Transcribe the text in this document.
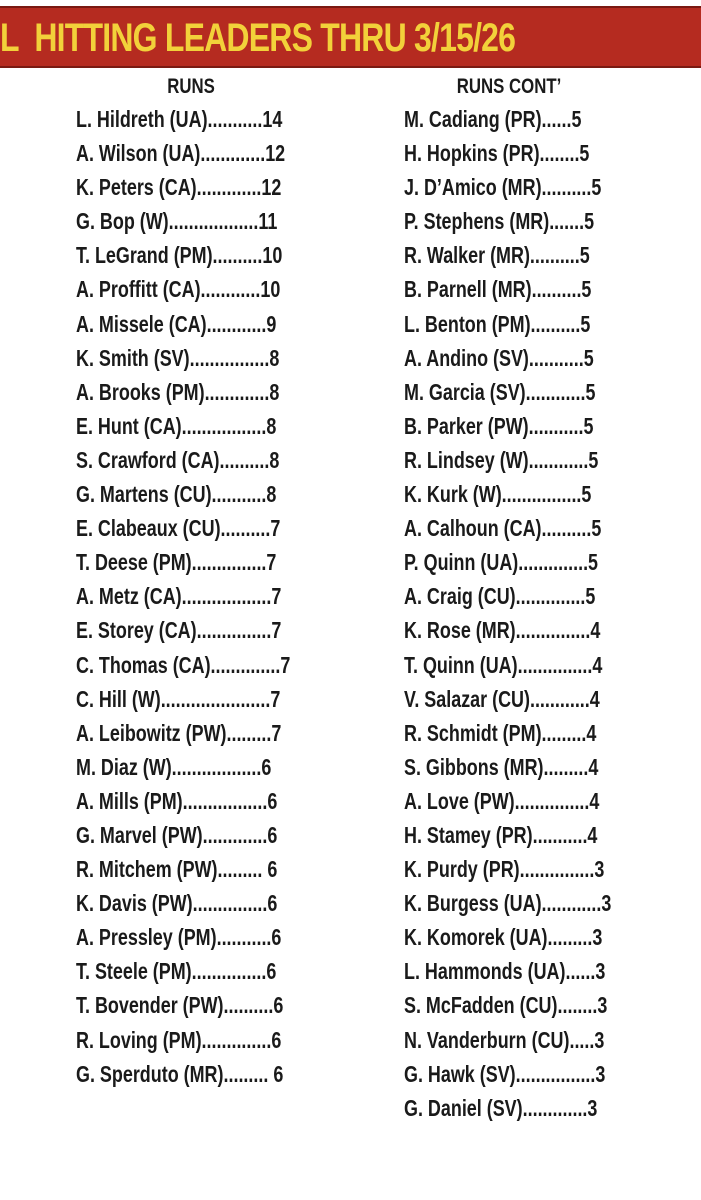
L  HITTING LEADERS THRU 3/15/26
RUNS
L. Hildreth (UA)...........14
A. Wilson (UA).............12
K. Peters (CA).............12
G. Bop (W)..................11
T. LeGrand (PM)..........10
A. Proffitt (CA)............10
A. Missele (CA)............9
K. Smith (SV)................8
A. Brooks (PM).............8
E. Hunt (CA).................8
S. Crawford (CA)..........8
G. Martens (CU)...........8
E. Clabeaux (CU)..........7
T. Deese (PM)...............7
A. Metz (CA)..................7
E. Storey (CA)...............7
C. Thomas (CA)..............7
C. Hill (W)......................7
A. Leibowitz (PW).........7
M. Diaz (W)..................6
A. Mills (PM).................6
G. Marvel (PW).............6
R. Mitchem (PW)......... 6
K. Davis (PW)...............6
A. Pressley (PM)...........6
T. Steele (PM)...............6
T. Bovender (PW)..........6
R. Loving (PM)..............6
G. Sperduto (MR)......... 6
RUNS CONT’
M. Cadiang (PR)......5
H. Hopkins (PR)........5
J. D’Amico (MR)..........5
P. Stephens (MR).......5
R. Walker (MR)..........5
B. Parnell (MR)..........5
L. Benton (PM)..........5
A. Andino (SV)...........5
M. Garcia (SV)............5
B. Parker (PW)...........5
R. Lindsey (W)............5
K. Kurk (W)................5
A. Calhoun (CA)..........5
P. Quinn (UA)..............5
A. Craig (CU)..............5
K. Rose (MR)...............4
T. Quinn (UA)...............4
V. Salazar (CU)............4
R. Schmidt (PM).........4
S. Gibbons (MR).........4
A. Love (PW)...............4
H. Stamey (PR)...........4
K. Purdy (PR)...............3
K. Burgess (UA)............3
K. Komorek (UA).........3
L. Hammonds (UA)......3
S. McFadden (CU)........3
N. Vanderburn (CU).....3
G. Hawk (SV)................3
G. Daniel (SV).............3
